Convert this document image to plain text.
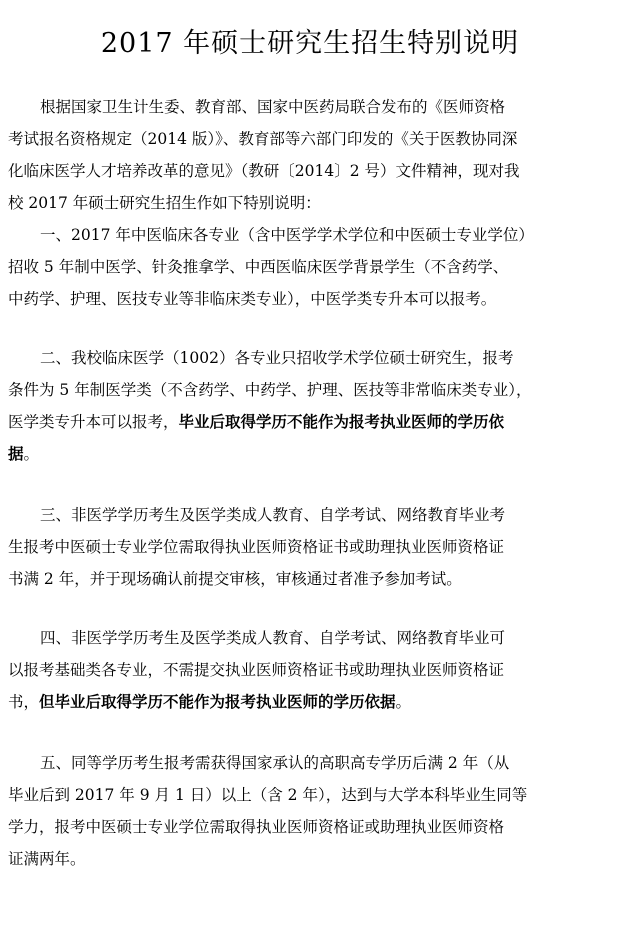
2017 年硕士研究生招生特别说明
根据国家卫生计生委、教育部、国家中医药局联合发布的《医师资格
考试报名资格规定（2014 版）》、教育部等六部门印发的《关于医教协同深
化临床医学人才培养改革的意见》（教研〔2014〕2 号）文件精神，现对我
校 2017 年硕士研究生招生作如下特别说明：
一、2017 年中医临床各专业（含中医学学术学位和中医硕士专业学位）
招收 5 年制中医学、针灸推拿学、中西医临床医学背景学生（不含药学、
中药学、护理、医技专业等非临床类专业），中医学类专升本可以报考。
二、我校临床医学（1002）各专业只招收学术学位硕士研究生，报考
条件为 5 年制医学类（不含药学、中药学、护理、医技等非常临床类专业），
医学类专升本可以报考，毕业后取得学历不能作为报考执业医师的学历依
据。
三、非医学学历考生及医学类成人教育、自学考试、网络教育毕业考
生报考中医硕士专业学位需取得执业医师资格证书或助理执业医师资格证
书满 2 年，并于现场确认前提交审核，审核通过者准予参加考试。
四、非医学学历考生及医学类成人教育、自学考试、网络教育毕业可
以报考基础类各专业，不需提交执业医师资格证书或助理执业医师资格证
书，但毕业后取得学历不能作为报考执业医师的学历依据。
五、同等学历考生报考需获得国家承认的高职高专学历后满 2 年（从
毕业后到 2017 年 9 月 1 日）以上（含 2 年），达到与大学本科毕业生同等
学力，报考中医硕士专业学位需取得执业医师资格证或助理执业医师资格
证满两年。
